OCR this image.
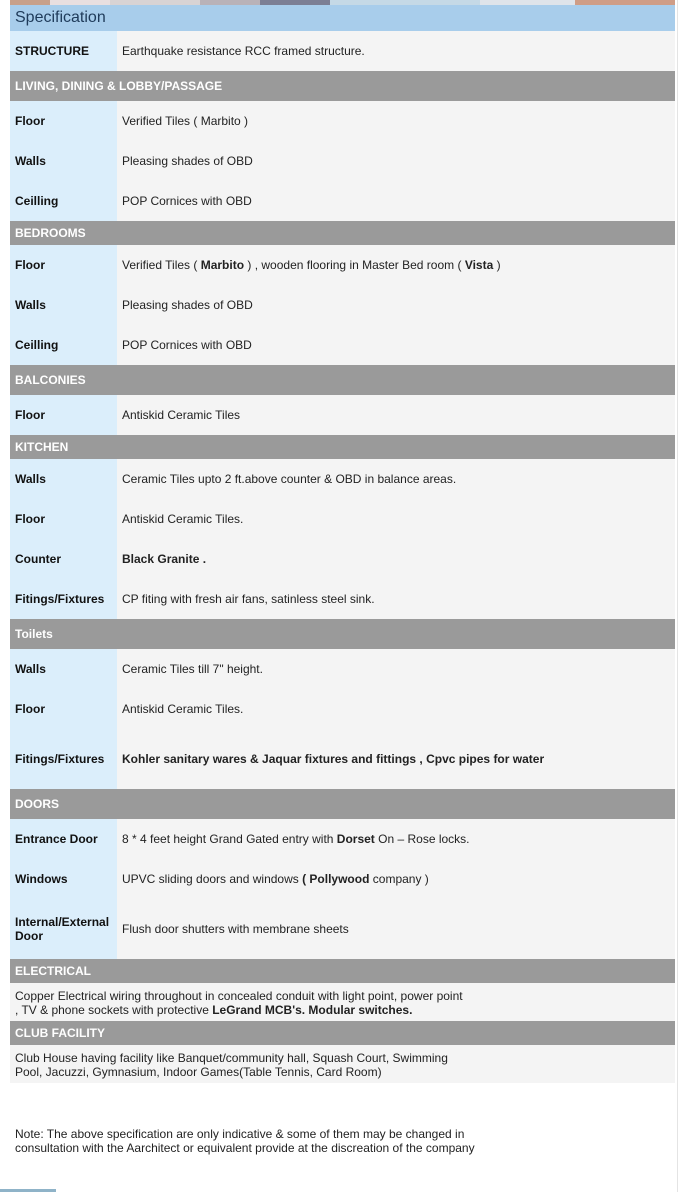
Specification
STRUCTURE	Earthquake resistance RCC framed structure.
LIVING, DINING & LOBBY/PASSAGE
Floor	Verified Tiles ( Marbito )
Walls	Pleasing shades of OBD
Ceilling	POP Cornices with OBD
BEDROOMS
Floor	Verified Tiles ( Marbito ) , wooden flooring in Master Bed room ( Vista )
Walls	Pleasing shades of OBD
Ceilling	POP Cornices with OBD
BALCONIES
Floor	Antiskid Ceramic Tiles
KITCHEN
Walls	Ceramic Tiles upto 2 ft.above counter & OBD in balance areas.
Floor	Antiskid Ceramic Tiles.
Counter	Black Granite .
Fitings/Fixtures	CP fiting with fresh air fans, satinless steel sink.
Toilets
Walls	Ceramic Tiles till 7" height.
Floor	Antiskid Ceramic Tiles.
Fitings/Fixtures	Kohler sanitary wares & Jaquar fixtures and fittings , Cpvc pipes for water
DOORS
Entrance Door	8 * 4 feet height Grand Gated entry with Dorset On – Rose locks.
Windows	UPVC sliding doors and windows ( Pollywood company )
Internal/External Door	Flush door shutters with membrane sheets
ELECTRICAL
Copper Electrical wiring throughout in concealed conduit with light point, power point
, TV & phone sockets with protective LeGrand MCB's. Modular switches.
CLUB FACILITY
Club House having facility like Banquet/community hall, Squash Court, Swimming
Pool, Jacuzzi, Gymnasium, Indoor Games(Table Tennis, Card Room)
Note: The above specification are only indicative & some of them may be changed in
consultation with the Aarchitect or equivalent provide at the discreation of the company
